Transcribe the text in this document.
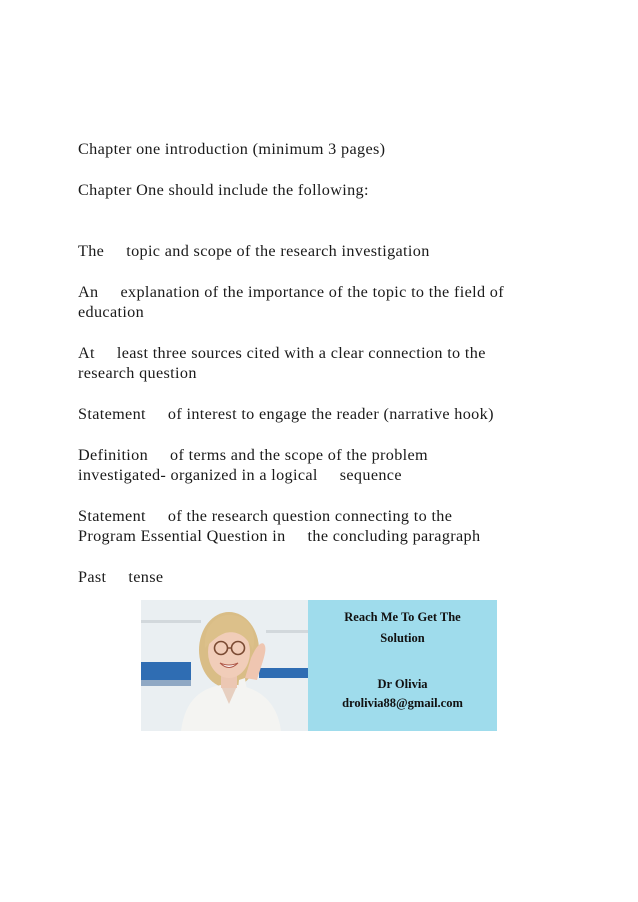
Chapter one introduction (minimum 3 pages)

Chapter One should include the following:

The topic and scope of the research investigation

An explanation of the importance of the topic to the field of

education

At least three sources cited with a clear connection to the

research question

Statement of interest to engage the reader (narrative hook)

Definition of terms and the scope of the problem

investigated- organized in a logical sequence

Statement of the research question connecting to the

Program Essential Question in the concluding paragraph

Past tense

Reach Me To Get The
Solution
Dr Olivia
drolivia88@gmail.com
